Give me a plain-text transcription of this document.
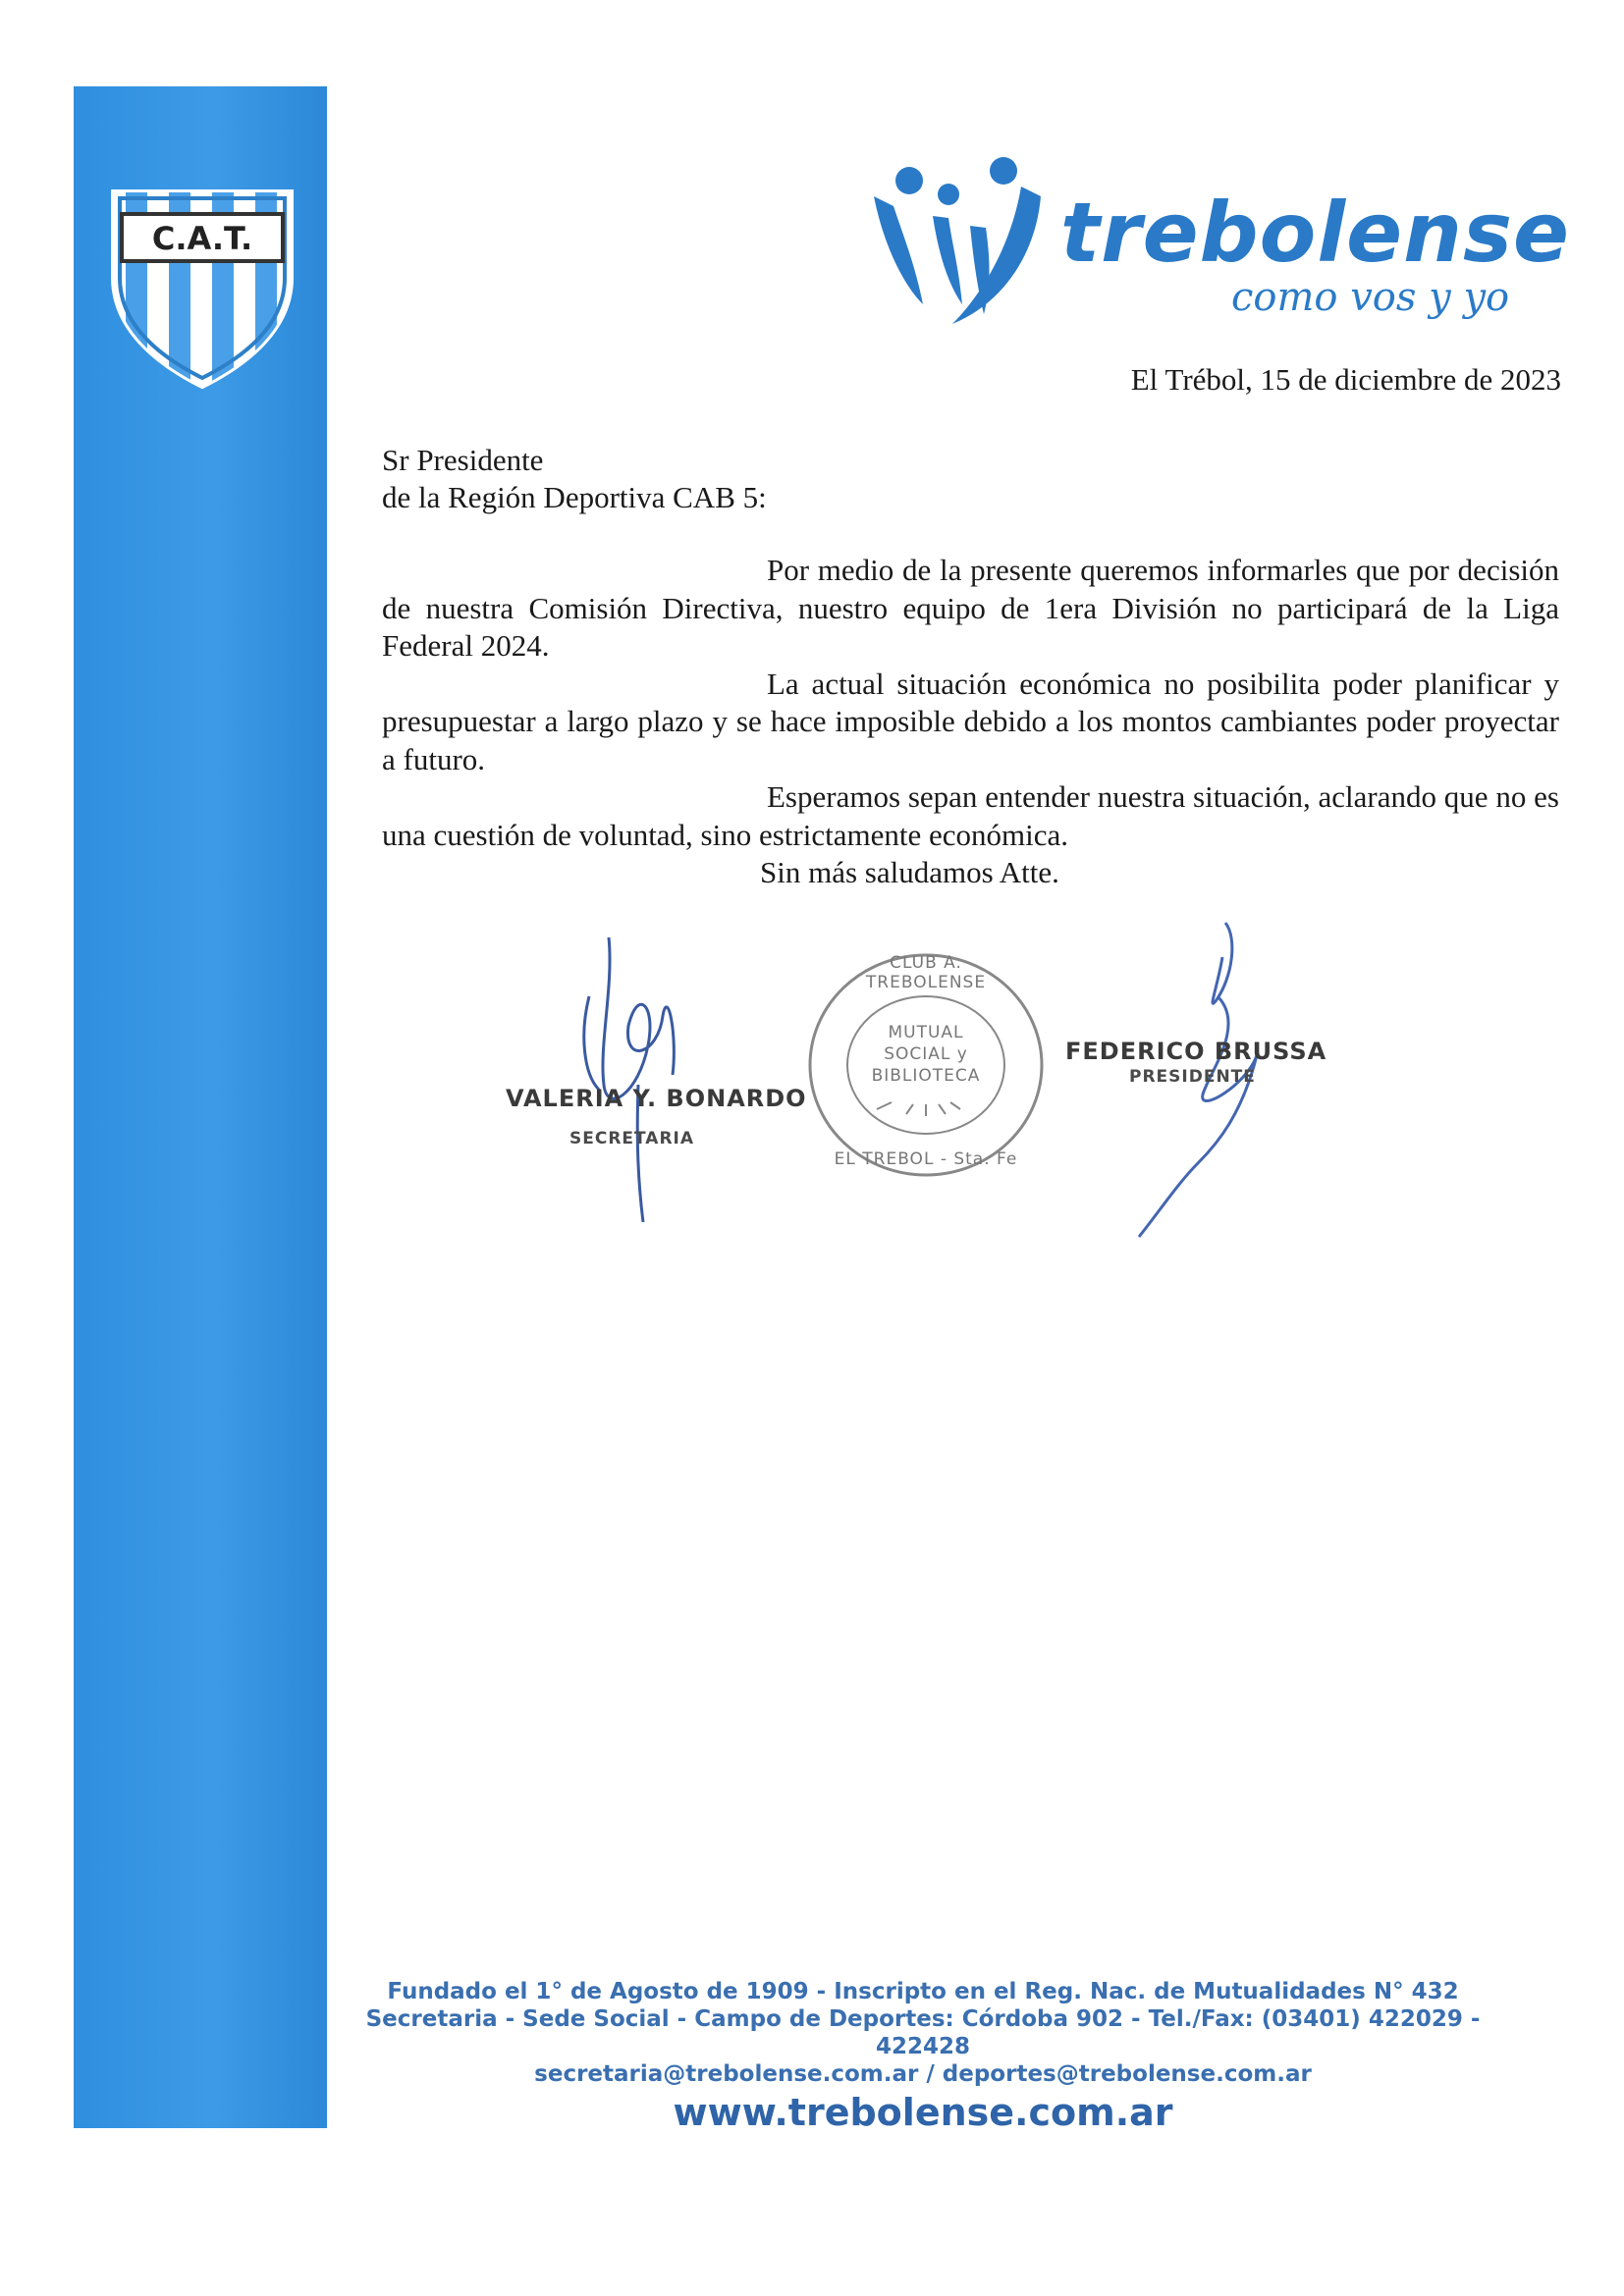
C.A.T.	trebolense
como vos y yo
El Trébol, 15 de diciembre de 2023
Sr Presidente
de la Región Deportiva CAB 5:

Por medio de la presente queremos informarles que por decisión de nuestra Comisión Directiva, nuestro equipo de 1era División no participará de la Liga Federal 2024.

La actual situación económica no posibilita poder planificar y presupuestar a largo plazo y se hace imposible debido a los montos cambiantes poder proyectar a futuro.

Esperamos sepan entender nuestra situación, aclarando que no es una cuestión de voluntad, sino estrictamente económica.

Sin más saludamos Atte.
VALERIA Y. BONARDO
SECRETARIA
CLUB A. TREBOLENSE
EL TREBOL - Sta. Fe
MUTUAL
SOCIAL y
BIBLIOTECA
FEDERICO BRUSSA
PRESIDENTE

Fundado el 1° de Agosto de 1909 - Inscripto en el Reg. Nac. de Mutualidades N° 432

Secretaria - Sede Social - Campo de Deportes: Córdoba 902 - Tel./Fax: (03401) 422029 - 422428

secretaria@trebolense.com.ar / deportes@trebolense.com.ar

www.trebolense.com.ar
